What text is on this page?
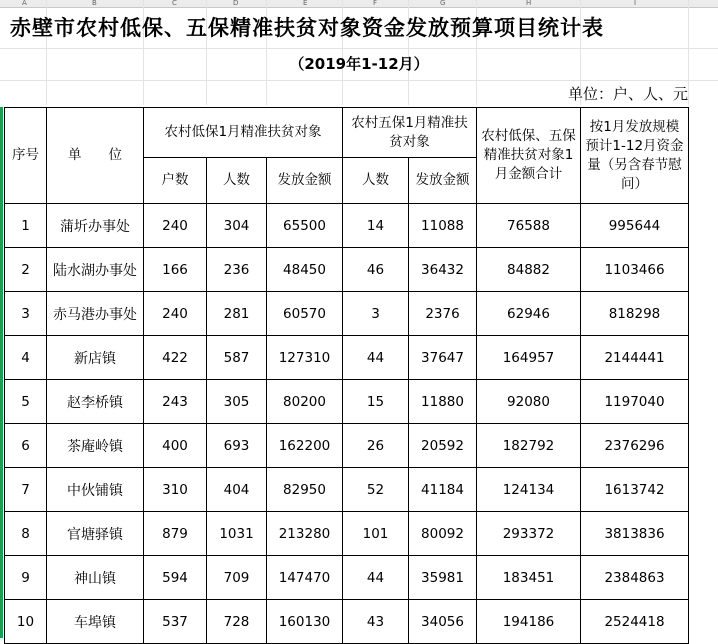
A	B	C	D	E	F	G	H	I
赤壁市农村低保、五保精准扶贫对象资金发放预算项目统计表
（2019年1-12月）
单位：户、人、元
序号	单　　位	农村低保1月精准扶贫对象			农村五保1月精准扶贫对象		农村低保、五保精准扶贫对象1月金额合计	按1月发放规模预计1-12月资金量（另含春节慰问）
		户数	人数	发放金额	人数	发放金额		
1	蒲圻办事处	240	304	65500	14	11088	76588	995644
2	陆水湖办事处	166	236	48450	46	36432	84882	1103466
3	赤马港办事处	240	281	60570	3	2376	62946	818298
4	新店镇	422	587	127310	44	37647	164957	2144441
5	赵李桥镇	243	305	80200	15	11880	92080	1197040
6	茶庵岭镇	400	693	162200	26	20592	182792	2376296
7	中伙铺镇	310	404	82950	52	41184	124134	1613742
8	官塘驿镇	879	1031	213280	101	80092	293372	3813836
9	神山镇	594	709	147470	44	35981	183451	2384863
10	车埠镇	537	728	160130	43	34056	194186	2524418
